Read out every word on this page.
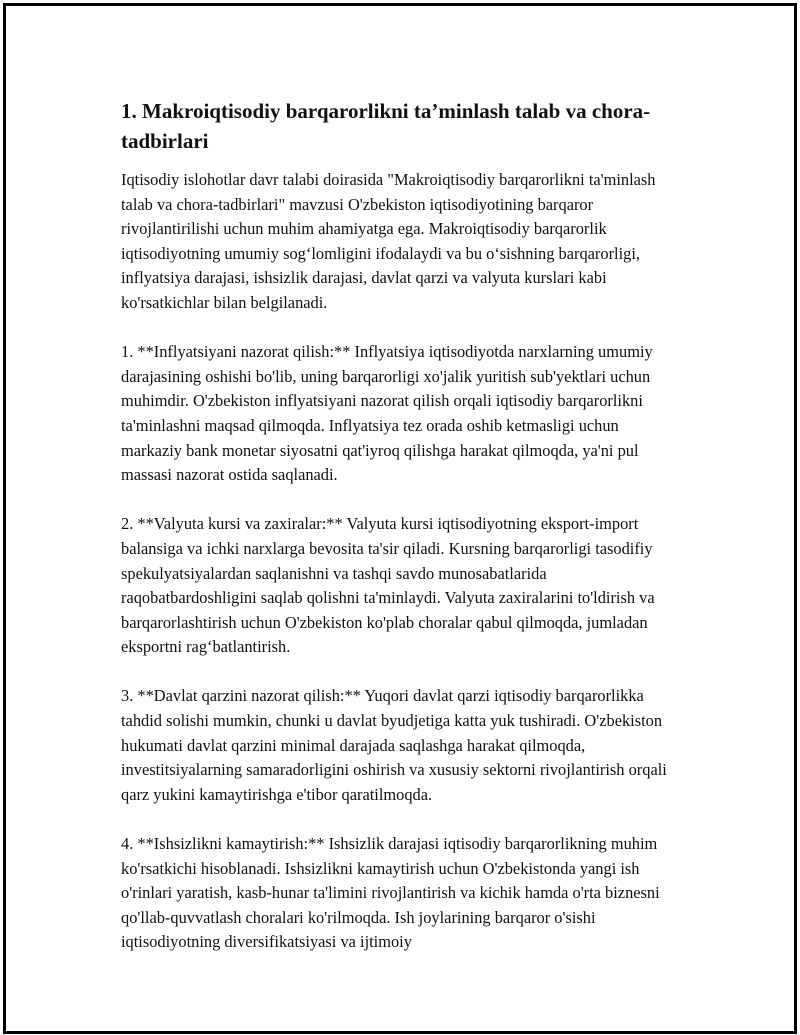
1. Makroiqtisodiy barqarorlikni ta’minlash talab va chora-tadbirlari

Iqtisodiy islohotlar davr talabi doirasida "Makroiqtisodiy barqarorlikni ta'minlash talab va chora-tadbirlari" mavzusi O'zbekiston iqtisodiyotining barqaror rivojlantirilishi uchun muhim ahamiyatga ega. Makroiqtisodiy barqarorlik iqtisodiyotning umumiy sog‘lomligini ifodalaydi va bu o‘sishning barqarorligi, inflyatsiya darajasi, ishsizlik darajasi, davlat qarzi va valyuta kurslari kabi ko'rsatkichlar bilan belgilanadi.

1. **Inflyatsiyani nazorat qilish:** Inflyatsiya iqtisodiyotda narxlarning umumiy darajasining oshishi bo'lib, uning barqarorligi xo'jalik yuritish sub'yektlari uchun muhimdir. O'zbekiston inflyatsiyani nazorat qilish orqali iqtisodiy barqarorlikni ta'minlashni maqsad qilmoqda. Inflyatsiya tez orada oshib ketmasligi uchun markaziy bank monetar siyosatni qat'iyroq qilishga harakat qilmoqda, ya'ni pul massasi nazorat ostida saqlanadi.

2. **Valyuta kursi va zaxiralar:** Valyuta kursi iqtisodiyotning eksport-import balansiga va ichki narxlarga bevosita ta'sir qiladi. Kursning barqarorligi tasodifiy spekulyatsiyalardan saqlanishni va tashqi savdo munosabatlarida raqobatbardoshligini saqlab qolishni ta'minlaydi. Valyuta zaxiralarini to'ldirish va barqarorlashtirish uchun O'zbekiston ko'plab choralar qabul qilmoqda, jumladan eksportni rag‘batlantirish.

3. **Davlat qarzini nazorat qilish:** Yuqori davlat qarzi iqtisodiy barqarorlikka tahdid solishi mumkin, chunki u davlat byudjetiga katta yuk tushiradi. O'zbekiston hukumati davlat qarzini minimal darajada saqlashga harakat qilmoqda, investitsiyalarning samaradorligini oshirish va xususiy sektorni rivojlantirish orqali qarz yukini kamaytirishga e'tibor qaratilmoqda.

4. **Ishsizlikni kamaytirish:** Ishsizlik darajasi iqtisodiy barqarorlikning muhim ko'rsatkichi hisoblanadi. Ishsizlikni kamaytirish uchun O'zbekistonda yangi ish o'rinlari yaratish, kasb-hunar ta'limini rivojlantirish va kichik hamda o'rta biznesni qo'llab-quvvatlash choralari ko'rilmoqda. Ish joylarining barqaror o'sishi iqtisodiyotning diversifikatsiyasi va ijtimoiy
